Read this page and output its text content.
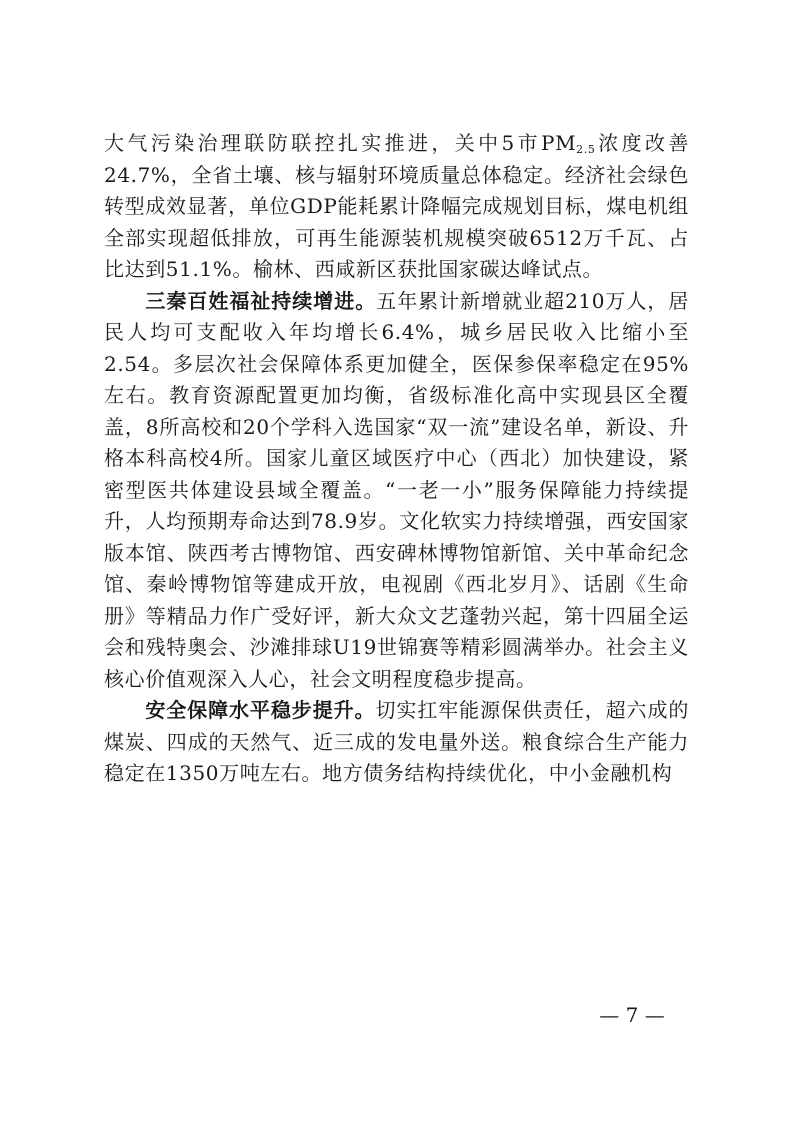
大气污染治理联防联控扎实推进，关中5市$PM_{2.5}$浓度改善24.7%，全省土壤、核与辐射环境质量总体稳定。经济社会绿色转型成效显著，单位GDP能耗累计降幅完成规划目标，煤电机组全部实现超低排放，可再生能源装机规模突破6512万千瓦、占比达到51.1%。榆林、西咸新区获批国家碳达峰试点。

三秦百姓福祉持续增进。五年累计新增就业超210万人，居民人均可支配收入年均增长6.4%，城乡居民收入比缩小至2.54。多层次社会保障体系更加健全，医保参保率稳定在95%左右。教育资源配置更加均衡，省级标准化高中实现县区全覆盖，8所高校和20个学科入选国家“双一流”建设名单，新设、升格本科高校4所。国家儿童区域医疗中心（西北）加快建设，紧密型医共体建设县域全覆盖。“一老一小”服务保障能力持续提升，人均预期寿命达到78.9岁。文化软实力持续增强，西安国家版本馆、陕西考古博物馆、西安碑林博物馆新馆、关中革命纪念馆、秦岭博物馆等建成开放，电视剧《西北岁月》、话剧《生命册》等精品力作广受好评，新大众文艺蓬勃兴起，第十四届全运会和残特奥会、沙滩排球U19世锦赛等精彩圆满举办。社会主义核心价值观深入人心，社会文明程度稳步提高。

安全保障水平稳步提升。切实扛牢能源保供责任，超六成的煤炭、四成的天然气、近三成的发电量外送。粮食综合生产能力稳定在1350万吨左右。地方债务结构持续优化，中小金融机构

— 7 —
